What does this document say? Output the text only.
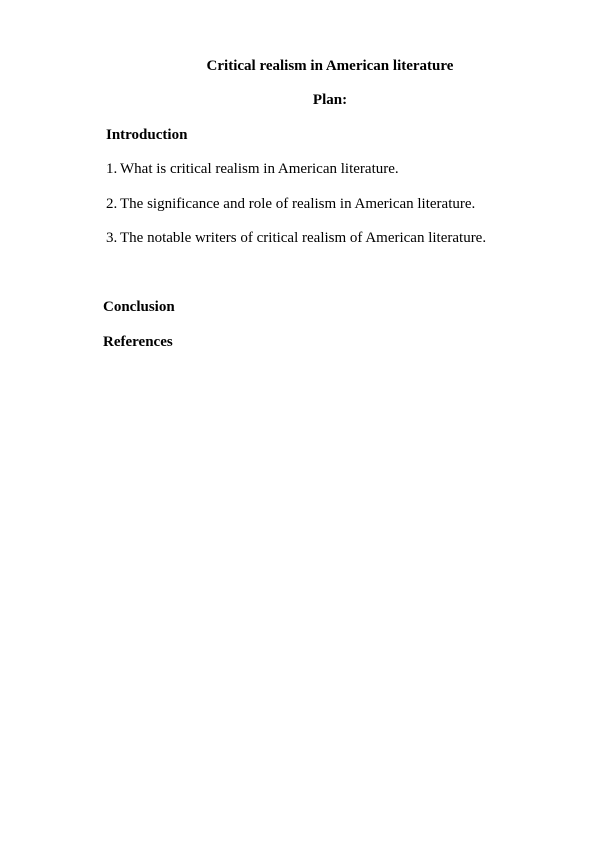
Critical realism in American literature
Plan:
Introduction
1. What is critical realism in American literature.
2. The significance and role of realism in American literature.
3. The notable writers of critical realism of American literature.
Conclusion
References
